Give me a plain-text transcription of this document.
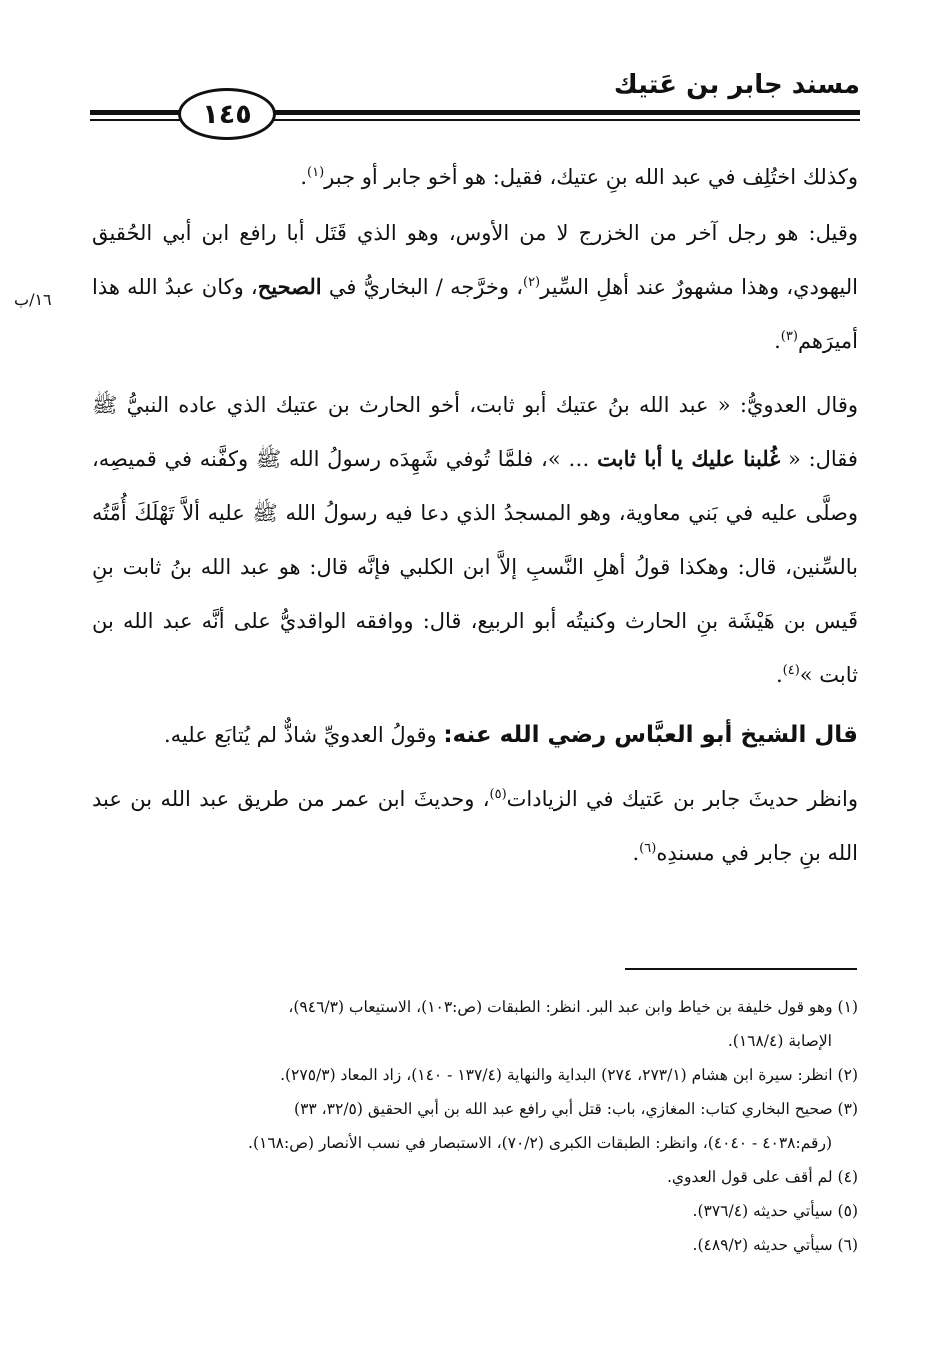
مسند جابر بن عَتيك
١٤٥
١٦/ب

وكذلك اختُلِف في عبد الله بنِ عتيك، فقيل: هو أخو جابر أو جبر$^{(١)}$.

وقيل: هو رجل آخر من الخزرج لا من الأوس، وهو الذي قَتَل أبا رافع ابن أبي الحُقيق اليهودي، وهذا مشهورٌ عند أهلِ السِّير$^{(٢)}$، وخرَّجه / البخاريُّ في الصحيح، وكان عبدُ الله هذا أميرَهم$^{(٣)}$.

وقال العدويُّ: « عبد الله بنُ عتيك أبو ثابت، أخو الحارث بن عتيك الذي عاده النبيُّ ﷺ فقال: « غُلبنا عليك يا أبا ثابت … »، فلمَّا تُوفي شَهِدَه رسولُ الله ﷺ وكفَّنه في قميصِه، وصلَّى عليه في بَني معاوية، وهو المسجدُ الذي دعا فيه رسولُ الله ﷺ عليه ألاَّ تَهْلَكَ أُمَّتُه بالسِّنين، قال: وهكذا قولُ أهلِ النَّسبِ إلاَّ ابن الكلبي فإنَّه قال: هو عبد الله بنُ ثابت بنِ قَيس بن هَيْشَة بنِ الحارث وكنيتُه أبو الربيع، قال: ووافقه الواقديُّ على أنَّه عبد الله بن ثابت »$^{(٤)}$.

قال الشيخ أبو العبَّاس رضي الله عنه: وقولُ العدويِّ شاذٌّ لم يُتابَع عليه.

وانظر حديثَ جابر بن عَتيك في الزيادات$^{(٥)}$، وحديثَ ابن عمر من طريق عبد الله بن عبد الله بنِ جابر في مسندِه$^{(٦)}$.

(١) وهو قول خليفة بن خياط وابن عبد البر. انظر: الطبقات (ص:١٠٣)، الاستيعاب (٩٤٦/٣)،
الإصابة (١٦٨/٤).

(٢) انظر: سيرة ابن هشام (٢٧٣/١، ٢٧٤) البداية والنهاية (١٣٧/٤ - ١٤٠)، زاد المعاد (٢٧٥/٣).

(٣) صحيح البخاري كتاب: المغازي، باب: قتل أبي رافع عبد الله بن أبي الحقيق (٣٢/٥، ٣٣)
(رقم:٤٠٣٨ - ٤٠٤٠)، وانظر: الطبقات الكبرى (٧٠/٢)، الاستبصار في نسب الأنصار (ص:١٦٨).

(٤) لم أقف على قول العدوي.

(٥) سيأتي حديثه (٣٧٦/٤).

(٦) سيأتي حديثه (٤٨٩/٢).
